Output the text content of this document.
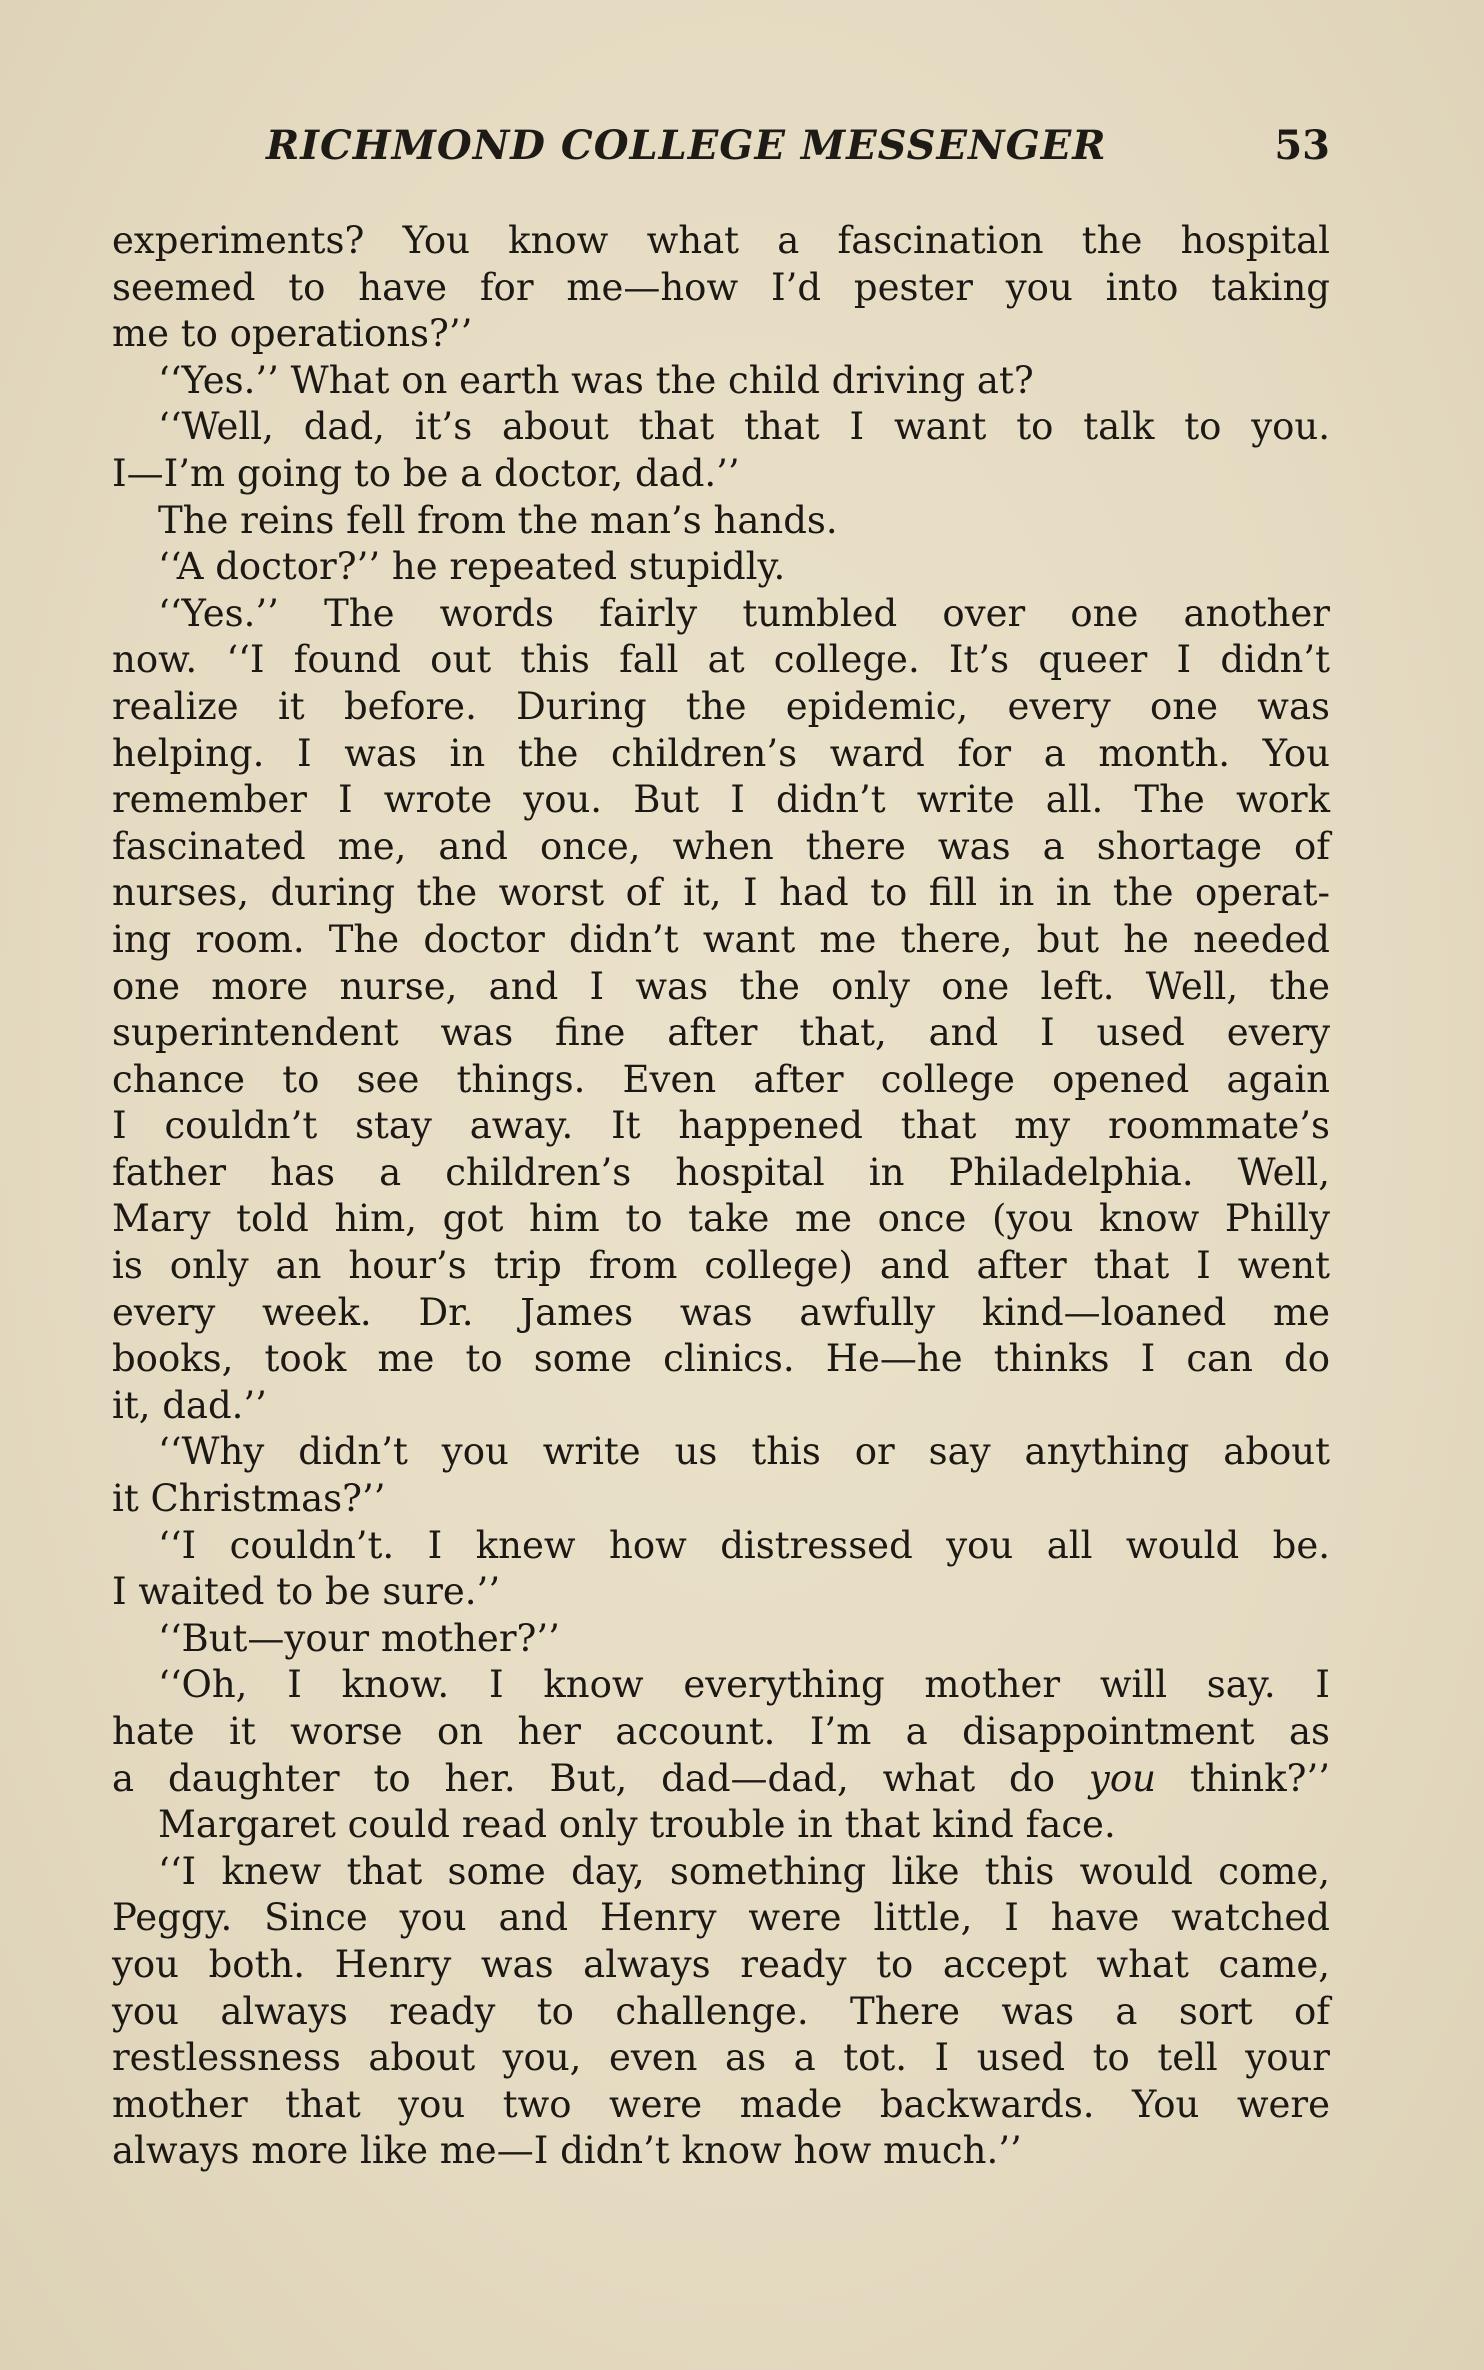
RICHMOND COLLEGE MESSENGER	53
experiments? You know what a fascination the hospital
seemed to have for me—how I’d pester you into taking
me to operations?’’
‘‘Yes.’’ What on earth was the child driving at?
‘‘Well, dad, it’s about that that I want to talk to you.
I—I’m going to be a doctor, dad.’’
The reins fell from the man’s hands.
‘‘A doctor?’’ he repeated stupidly.
‘‘Yes.’’ The words fairly tumbled over one another
now. ‘‘I found out this fall at college. It’s queer I didn’t
realize it before. During the epidemic, every one was
helping. I was in the children’s ward for a month. You
remember I wrote you. But I didn’t write all. The work
fascinated me, and once, when there was a shortage of
nurses, during the worst of it, I had to fill in in the operat-
ing room. The doctor didn’t want me there, but he needed
one more nurse, and I was the only one left. Well, the
superintendent was fine after that, and I used every
chance to see things. Even after college opened again
I couldn’t stay away. It happened that my roommate’s
father has a children’s hospital in Philadelphia. Well,
Mary told him, got him to take me once (you know Philly
is only an hour’s trip from college) and after that I went
every week. Dr. James was awfully kind—loaned me
books, took me to some clinics. He—he thinks I can do
it, dad.’’
‘‘Why didn’t you write us this or say anything about
it Christmas?’’
‘‘I couldn’t. I knew how distressed you all would be.
I waited to be sure.’’
‘‘But—your mother?’’
‘‘Oh, I know. I know everything mother will say. I
hate it worse on her account. I’m a disappointment as
a daughter to her. But, dad—dad, what do you think?’’
Margaret could read only trouble in that kind face.
‘‘I knew that some day, something like this would come,
Peggy. Since you and Henry were little, I have watched
you both. Henry was always ready to accept what came,
you always ready to challenge. There was a sort of
restlessness about you, even as a tot. I used to tell your
mother that you two were made backwards. You were
always more like me—I didn’t know how much.’’
